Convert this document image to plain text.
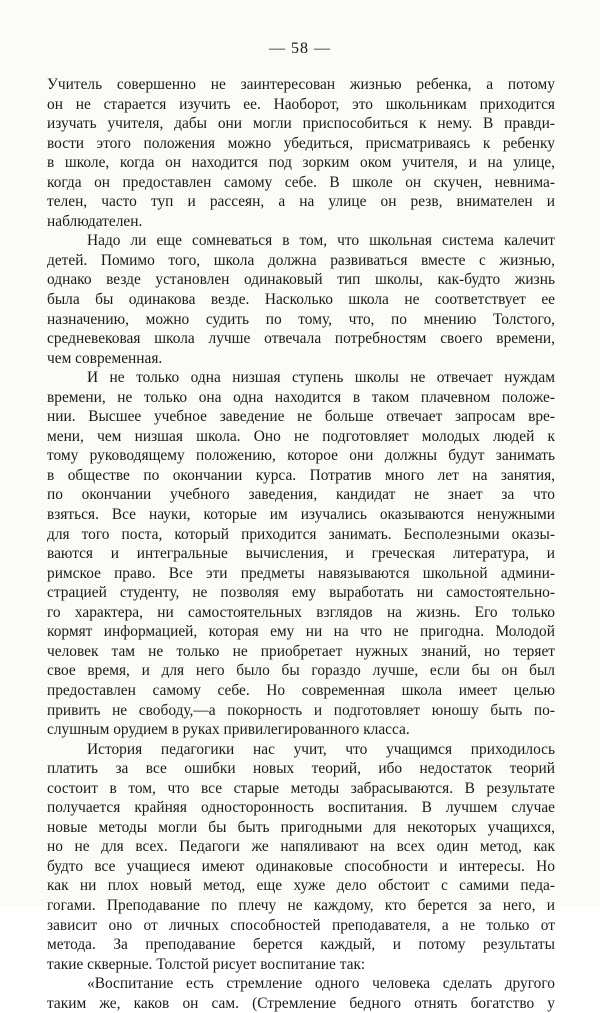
— 58 —
Учитель совершенно не заинтересован жизнью ребенка, а потому
он не старается изучить ее. Наоборот, это школьникам приходится
изучать учителя, дабы они могли приспособиться к нему. В правди-
вости этого положения можно убедиться, присматриваясь к ребенку
в школе, когда он находится под зорким оком учителя, и на улице,
когда он предоставлен самому себе. В школе он скучен, невнима-
телен, часто туп и рассеян, а на улице он резв, внимателен и
наблюдателен.
Надо ли еще сомневаться в том, что школьная система калечит
детей. Помимо того, школа должна развиваться вместе с жизнью,
однако везде установлен одинаковый тип школы, как-будто жизнь
была бы одинакова везде. Насколько школа не соответствует ее
назначению, можно судить по тому, что, по мнению Толстого,
средневековая школа лучше отвечала потребностям своего времени,
чем современная.
И не только одна низшая ступень школы не отвечает нуждам
времени, не только она одна находится в таком плачевном положе-
нии. Высшее учебное заведение не больше отвечает запросам вре-
мени, чем низшая школа. Оно не подготовляет молодых людей к
тому руководящему положению, которое они должны будут занимать
в обществе по окончании курса. Потратив много лет на занятия,
по окончании учебного заведения, кандидат не знает за что
взяться. Все науки, которые им изучались оказываются ненужными
для того поста, который приходится занимать. Бесполезными оказы-
ваются и интегральные вычисления, и греческая литература, и
римское право. Все эти предметы навязываются школьной админи-
страцией студенту, не позволяя ему выработать ни самостоятельно-
го характера, ни самостоятельных взглядов на жизнь. Его только
кормят информацией, которая ему ни на что не пригодна. Молодой
человек там не только не приобретает нужных знаний, но теряет
свое время, и для него было бы гораздо лучше, если бы он был
предоставлен самому себе. Но современная школа имеет целью
привить не свободу,—а покорность и подготовляет юношу быть по-
слушным орудием в руках привилегированного класса.
История педагогики нас учит, что учащимся приходилось
платить за все ошибки новых теорий, ибо недостаток теорий
состоит в том, что все старые методы забрасываются. В результате
получается крайняя односторонность воспитания. В лучшем случае
новые методы могли бы быть пригодными для некоторых учащихся,
но не для всех. Педагоги же напяливают на всех один метод, как
будто все учащиеся имеют одинаковые способности и интересы. Но
как ни плох новый метод, еще хуже дело обстоит с самими педа-
гогами. Преподавание по плечу не каждому, кто берется за него, и
зависит оно от личных способностей преподавателя, а не только от
метода. За преподавание берется каждый, и потому результаты
такие скверные. Толстой рисует воспитание так:
«Воспитание есть стремление одного человека сделать другого
таким же, каков он сам. (Стремление бедного отнять богатство у
